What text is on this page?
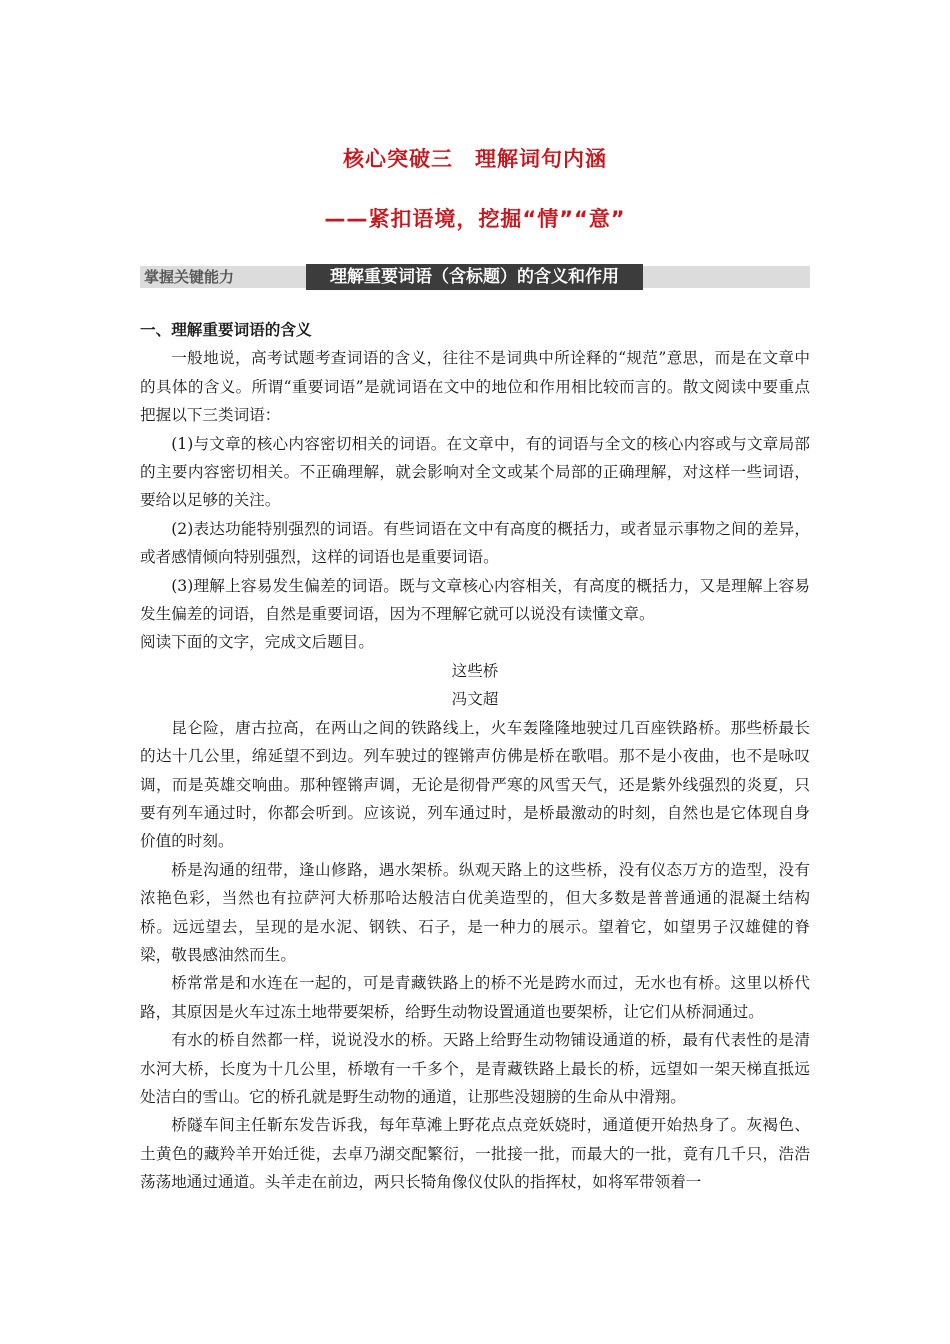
核心突破三　理解词句内涵
——紧扣语境，挖掘“情”“意”
掌握关键能力	理解重要词语（含标题）的含义和作用

一、理解重要词语的含义

一般地说，高考试题考查词语的含义，往往不是词典中所诠释的“规范”意思，而是在文章中的具体的含义。所谓“重要词语”是就词语在文中的地位和作用相比较而言的。散文阅读中要重点把握以下三类词语：

(1)与文章的核心内容密切相关的词语。在文章中，有的词语与全文的核心内容或与文章局部的主要内容密切相关。不正确理解，就会影响对全文或某个局部的正确理解，对这样一些词语，要给以足够的关注。

(2)表达功能特别强烈的词语。有些词语在文中有高度的概括力，或者显示事物之间的差异，或者感情倾向特别强烈，这样的词语也是重要词语。

(3)理解上容易发生偏差的词语。既与文章核心内容相关，有高度的概括力，又是理解上容易发生偏差的词语，自然是重要词语，因为不理解它就可以说没有读懂文章。

阅读下面的文字，完成文后题目。

这些桥

冯文超

昆仑险，唐古拉高，在两山之间的铁路线上，火车轰隆隆地驶过几百座铁路桥。那些桥最长的达十几公里，绵延望不到边。列车驶过的铿锵声仿佛是桥在歌唱。那不是小夜曲，也不是咏叹调，而是英雄交响曲。那种铿锵声调，无论是彻骨严寒的风雪天气，还是紫外线强烈的炎夏，只要有列车通过时，你都会听到。应该说，列车通过时，是桥最激动的时刻，自然也是它体现自身价值的时刻。

桥是沟通的纽带，逢山修路，遇水架桥。纵观天路上的这些桥，没有仪态万方的造型，没有浓艳色彩，当然也有拉萨河大桥那哈达般洁白优美造型的，但大多数是普普通通的混凝土结构桥。远远望去，呈现的是水泥、钢铁、石子，是一种力的展示。望着它，如望男子汉雄健的脊梁，敬畏感油然而生。

桥常常是和水连在一起的，可是青藏铁路上的桥不光是跨水而过，无水也有桥。这里以桥代路，其原因是火车过冻土地带要架桥，给野生动物设置通道也要架桥，让它们从桥洞通过。

有水的桥自然都一样，说说没水的桥。天路上给野生动物铺设通道的桥，最有代表性的是清水河大桥，长度为十几公里，桥墩有一千多个，是青藏铁路上最长的桥，远望如一架天梯直抵远处洁白的雪山。它的桥孔就是野生动物的通道，让那些没翅膀的生命从中滑翔。

桥隧车间主任靳东发告诉我，每年草滩上野花点点竞妖娆时，通道便开始热身了。灰褐色、土黄色的藏羚羊开始迁徙，去卓乃湖交配繁衍，一批接一批，而最大的一批，竟有几千只，浩浩荡荡地通过通道。头羊走在前边，两只长犄角像仪仗队的指挥杖，如将军带领着一
